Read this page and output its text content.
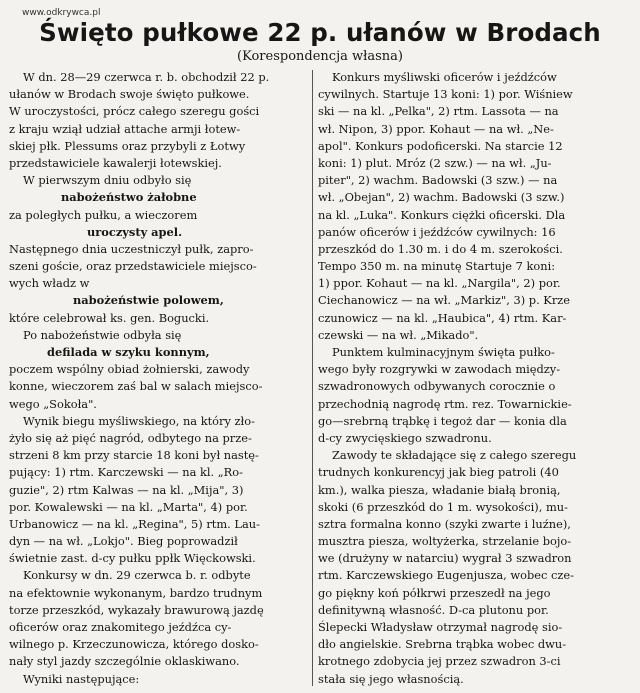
www.odkrywca.pl
Święto pułkowe 22 p. ułanów w Brodach
(Korespondencja własna)
W dn. 28—29 czerwca r. b. obchodził 22 p.
ułanów w Brodach swoje święto pułkowe.
W uroczystości, prócz całego szeregu gości
z kraju wziął udział attache armji łotew-
skiej płk. Plessums oraz przybyli z Łotwy
przedstawiciele kawalerji łotewskiej.
W pierwszym dniu odbyło się
nabożeństwo żałobne
za poległych pułku, a wieczorem
uroczysty apel.
Następnego dnia uczestniczył pułk, zapro-
szeni goście, oraz przedstawiciele miejsco-
wych władz w
nabożeństwie polowem,
które celebrował ks. gen. Bogucki.
Po nabożeństwie odbyła się
defilada w szyku konnym,
poczem wspólny obiad żołnierski, zawody
konne, wieczorem zaś bal w salach miejsco-
wego „Sokoła".
Wynik biegu myśliwskiego, na który zło-
żyło się aż pięć nagród, odbytego na prze-
strzeni 8 km przy starcie 18 koni był nastę-
pujący: 1) rtm. Karczewski — na kl. „Ro-
guzie", 2) rtm Kalwas — na kl. „Mija", 3)
por. Kowalewski — na kl. „Marta", 4) por.
Urbanowicz — na kl. „Regina", 5) rtm. Lau-
dyn — na wł. „Lokjo". Bieg poprowadził
świetnie zast. d-cy pułku ppłk Więckowski.
Konkursy w dn. 29 czerwca b. r. odbyte
na efektownie wykonanym, bardzo trudnym
torze przeszkód, wykazały brawurową jazdę
oficerów oraz znakomitego jeźdźca cy-
wilnego p. Krzeczunowicza, którego dosko-
nały styl jazdy szczególnie oklaskiwano.
Wyniki następujące:
Konkurs myśliwski oficerów i jeźdźców
cywilnych. Startuje 13 koni: 1) por. Wiśniew
ski — na kl. „Pelka", 2) rtm. Lassota — na
wł. Nipon, 3) ppor. Kohaut — na wł. „Ne-
apol". Konkurs podoficerski. Na starcie 12
koni: 1) plut. Mróz (2 szw.) — na wł. „Ju-
piter", 2) wachm. Badowski (3 szw.) — na
wł. „Obejan", 2) wachm. Badowski (3 szw.)
na kl. „Luka". Konkurs ciężki oficerski. Dla
panów oficerów i jeźdźców cywilnych: 16
przeszkód do 1.30 m. i do 4 m. szerokości.
Tempo 350 m. na minutę Startuje 7 koni:
1) ppor. Kohaut — na kl. „Nargila", 2) por.
Ciechanowicz — na wł. „Markiz", 3) p. Krze
czunowicz — na kl. „Haubica", 4) rtm. Kar-
czewski — na wł. „Mikado".
Punktem kulminacyjnym święta pułko-
wego były rozgrywki w zawodach między-
szwadronowych odbywanych corocznie o
przechodnią nagrodę rtm. rez. Towarnickie-
go—srebrną trąbkę i tegoż dar — konia dla
d-cy zwycięskiego szwadronu.
Zawody te składające się z całego szeregu
trudnych konkurencyj jak bieg patroli (40
km.), walka piesza, władanie białą bronią,
skoki (6 przeszkód do 1 m. wysokości), mu-
sztra formalna konno (szyki zwarte i luźne),
musztra piesza, woltyżerka, strzelanie bojo-
we (drużyny w natarciu) wygrał 3 szwadron
rtm. Karczewskiego Eugenjusza, wobec cze-
go piękny koń półkrwi przeszedł na jego
definitywną własność. D-ca plutonu por.
Ślepecki Władysław otrzymał nagrodę sio-
dło angielskie. Srebrna trąbka wobec dwu-
krotnego zdobycia jej przez szwadron 3-ci
stała się jego własnością.
